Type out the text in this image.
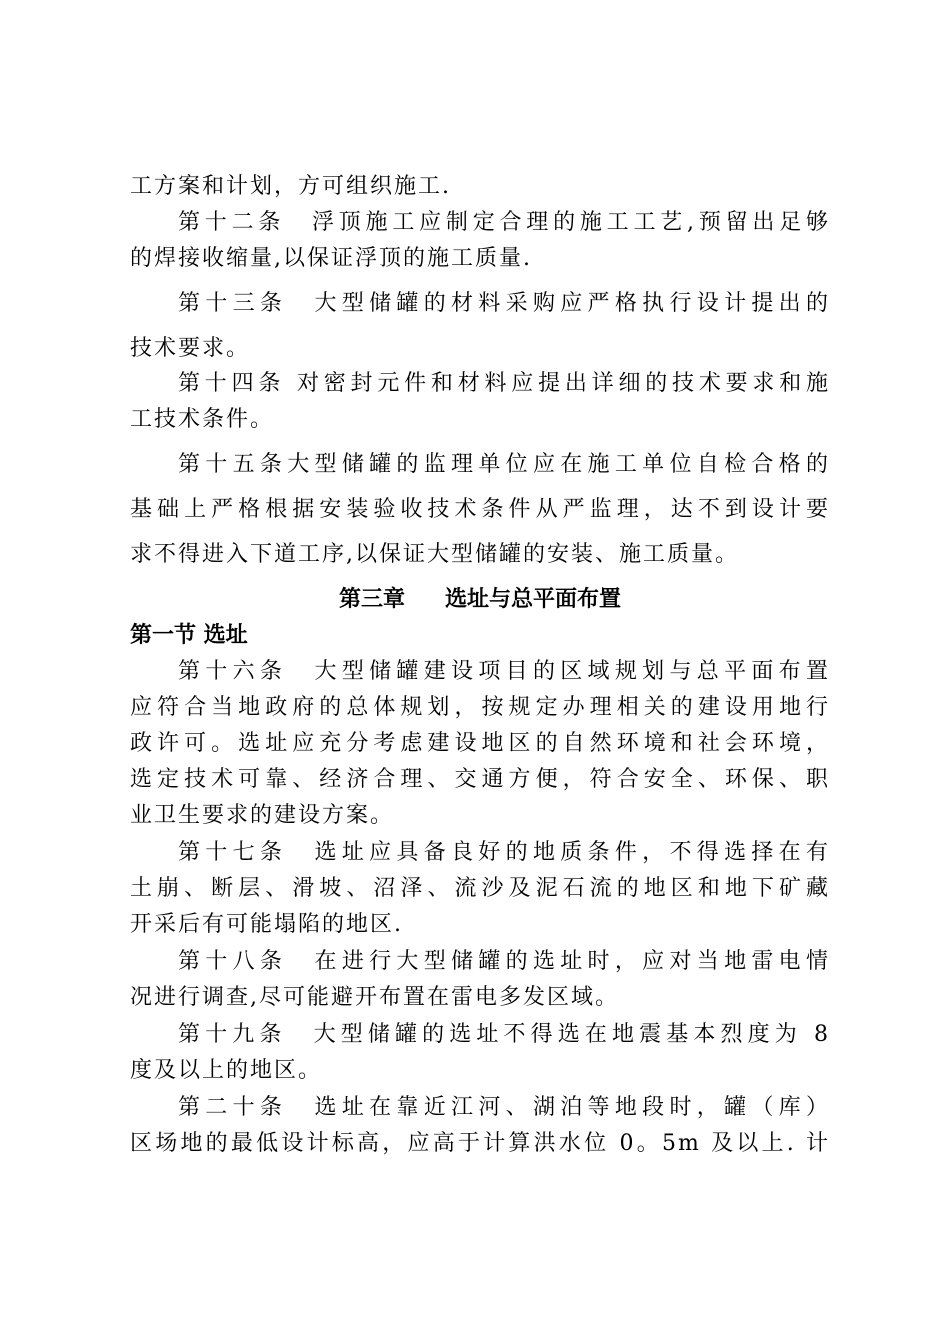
工方案和计划，方可组织施工.
第十二条　浮顶施工应制定合理的施工工艺,预留出足够
的焊接收缩量,以保证浮顶的施工质量.
第十三条　大型储罐的材料采购应严格执行设计提出的
技术要求。
第十四条 对密封元件和材料应提出详细的技术要求和施
工技术条件。
第十五条大型储罐的监理单位应在施工单位自检合格的
基础上严格根据安装验收技术条件从严监理，达不到设计要
求不得进入下道工序,以保证大型储罐的安装、施工质量。
第三章 选址与总平面布置
第一节 选址
第十六条　大型储罐建设项目的区域规划与总平面布置
应符合当地政府的总体规划，按规定办理相关的建设用地行
政许可。选址应充分考虑建设地区的自然环境和社会环境，
选定技术可靠、经济合理、交通方便，符合安全、环保、职
业卫生要求的建设方案。
第十七条　选址应具备良好的地质条件，不得选择在有
土崩、断层、滑坡、沼泽、流沙及泥石流的地区和地下矿藏
开采后有可能塌陷的地区.
第十八条　在进行大型储罐的选址时，应对当地雷电情
况进行调查,尽可能避开布置在雷电多发区域。
第十九条　大型储罐的选址不得选在地震基本烈度为 8
度及以上的地区。
第二十条　选址在靠近江河、湖泊等地段时，罐（库）
区场地的最低设计标高，应高于计算洪水位 0。5m 及以上. 计
